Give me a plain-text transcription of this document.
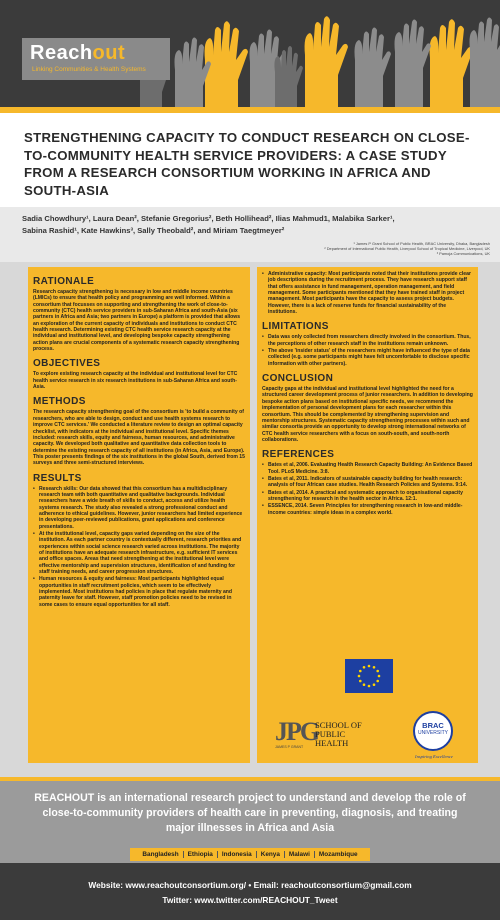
Reachout
Linking Communities & Health Systems
STRENGTHENING CAPACITY TO CONDUCT RESEARCH ON CLOSE-TO-COMMUNITY HEALTH SERVICE PROVIDERS: A CASE STUDY FROM A RESEARCH CONSORTIUM WORKING IN AFRICA AND SOUTH-ASIA
Sadia Chowdhury¹, Laura Dean², Stefanie Gregorius², Beth Hollihead², Ilias Mahmud1, Malabika Sarker¹,
Sabina Rashid¹, Kate Hawkins³, Sally Theobald², and Miriam Taegtmeyer²
¹ James P Grant School of Public Health, BRAC University, Dhaka, Bangladesh
² Department of International Public Health, Liverpool School of Tropical Medicine, Liverpool, UK
³ Pamoja Communications, UK
RATIONALE
Research capacity strengthening is necessary in low and middle income countries (LMICs) to ensure that health policy and programming are well informed. Within a consortium that focusses on supporting and strengthening the work of close-to- community (CTC) health service providers in sub-Saharan Africa and south-Asia (six partners in Africa and Asia; two partners in Europe) a platform is provided that allows an exploration of the current capacity of individuals and institutions to conduct CTC health research. Determining existing CTC health service research capacity at the individual and institutional level, and developing bespoke capacity strengthening action plans are crucial components of a systematic research capacity strengthening process.
OBJECTIVES
To explore existing research capacity at the individual and institutional level for CTC health service research in six research institutions in sub-Saharan Africa and south-Asia.
METHODS
The research capacity strengthening goal of the consortium is 'to build a community of researchers, who are able to design, conduct and use health systems research to improve CTC services.' We conducted a literature review to design an optimal capacity checklist, with indicators at the individual and institutional level. Specific themes included: research skills, equity and fairness, human resources, and administrative capacity. We developed both qualitative and quantitative data collection tools to determine the existing research capacity of all institutions (in Africa, Asia, and Europe). This poster presents findings of the six institutions in the global South, derived from 15 surveys and three semi-structured interviews.
RESULTS
• Research skills: Our data showed that this consortium has a multidisciplinary research team with both quantitative and qualitative backgrounds. Individual researchers have a wide breath of skills to conduct, access and utilize health systems research. The study also revealed a strong professional conduct and adherence to ethical guidelines. However, junior researchers had limited experience in developing peer-reviewed publications, grant applications and conference presentations.
• At the institutional level, capacity gaps varied depending on the size of the institution. As each partner country is contextually different, research priorities and experiences within social science research varied across institutions. The majority of institutions have an adequate research infrastructure, e.g. sufficient IT services and office spaces. Areas that need strengthening at the institutional level were effective mentorship and supervision structures, identification of and funding for staff training needs, and career progression structures.
• Human resources & equity and fairness: Most participants highlighted equal opportunities in staff recruitment policies, which seem to be effectively implemented. Most institutions had policies in place that regulate maternity and paternity leave for staff. However, staff promotion policies need to be revised in some cases to ensure equal opportunities for all staff.
• Administrative capacity: Most participants noted that their institutions provide clear job descriptions during the recruitment process. They have research support staff that offers assistance in fund management, operation management, and field management. Some participants mentioned that they have trained staff in project management. Most participants have the capacity to assess project budgets. However, there is a lack of reserve funds for financial sustainability of the institutions.
LIMITATIONS
• Data was only collected from researchers directly involved in the consortium. Thus, the perceptions of other research staff in the institutions remain unknown.
• The above 'insider status' of the researchers might have influenced the type of data collected (e.g. some participants might have felt uncomfortable to disclose specific information with other partners).
CONCLUSION
Capacity gaps at the individual and institutional level highlighted the need for a structured career development process of junior researchers. In addition to developing bespoke action plans based on institutional specific needs, we recommend the implementation of personal development plans for each researcher within this consortium. This should be complemented by strengthening supervision and mentorship structures. Systematic capacity strengthening processes within such and similar consortia provide an opportunity to develop strong international networks of CTC health service researchers with a focus on south-south, and south-north collaborations.
REFERENCES
• Bates et al, 2006. Evaluating Health Research Capacity Building: An Evidence Based Tool. PLoS Medicine. 3:8.
• Bates et al, 2011. Indicators of sustainable capacity building for health research: analysis of four African case studies. Health Research Policies and Systems. 9:14.
• Bates et al, 2014. A practical and systematic approach to organisational capacity strengthening for research in the health sector in Africa. 12:1.
• ESSENCE, 2014. Seven Principles for strengthening research in low-and middle-income countries: simple ideas in a complex world.
JPG
SCHOOL OF
PUBLIC
HEALTH
JAMES P GRANT
BRAC
UNIVERSITY
Inspiring Excellence
REACHOUT is an international research project to understand and develop the role of close-to-community providers of health care in preventing, diagnosis, and treating major illnesses in Africa and Asia
Bangladesh	Ethiopia	Indonesia	Kenya	Malawi	Mozambique
Website: www.reachoutconsortium.org/ • Email: reachoutconsortium@gmail.com
Twitter: www.twitter.com/REACHOUT_Tweet
